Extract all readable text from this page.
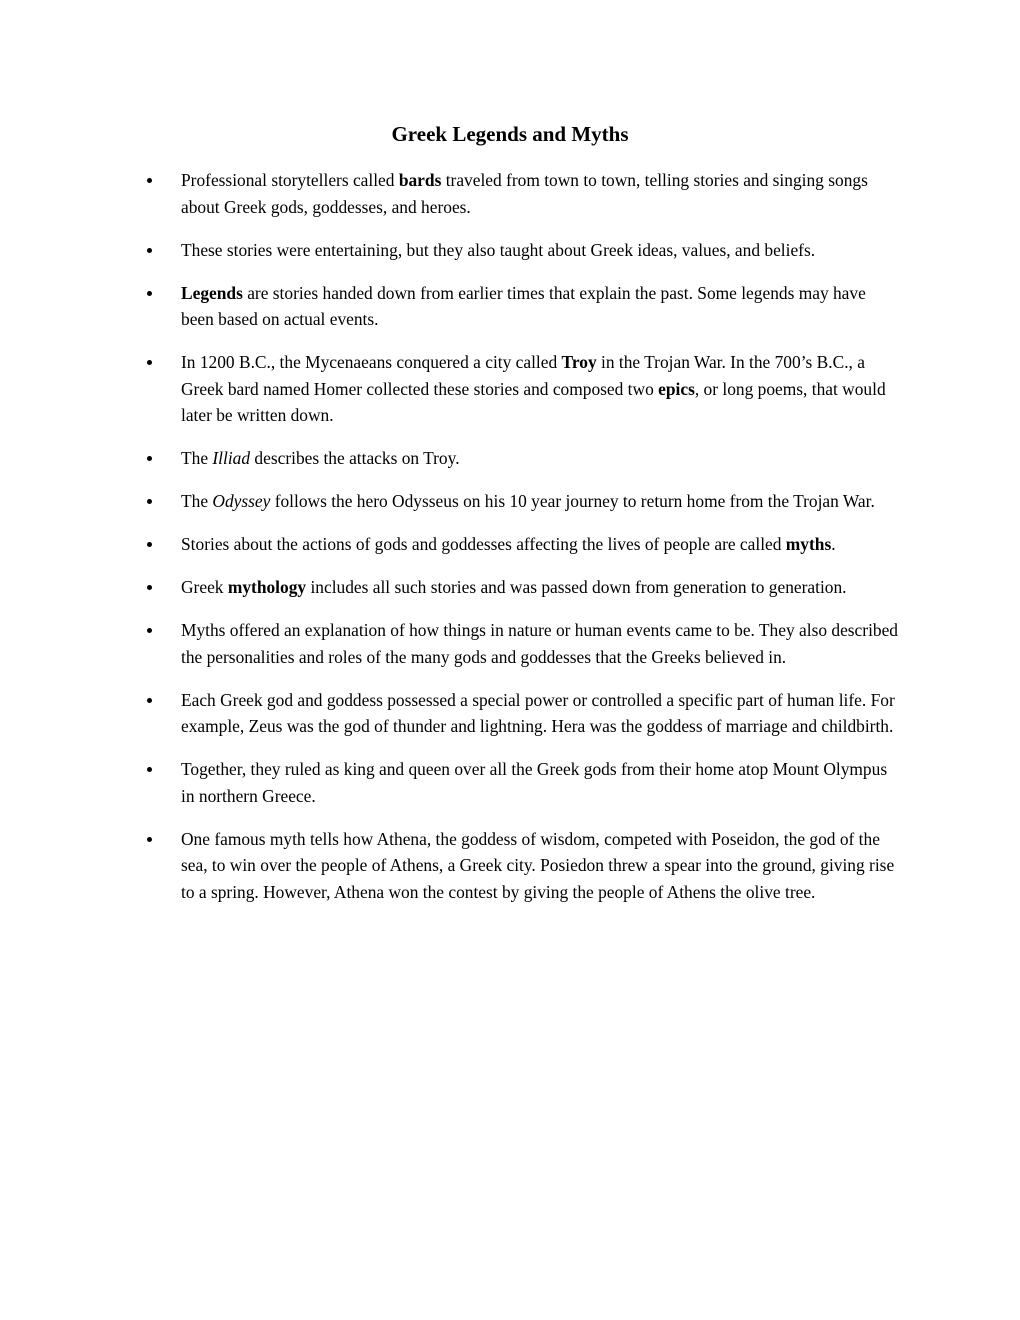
Greek Legends and Myths
Professional storytellers called bards traveled from town to town, telling stories and singing songs about Greek gods, goddesses, and heroes.
These stories were entertaining, but they also taught about Greek ideas, values, and beliefs.
Legends are stories handed down from earlier times that explain the past. Some legends may have been based on actual events.
In 1200 B.C., the Mycenaeans conquered a city called Troy in the Trojan War. In the 700’s B.C., a Greek bard named Homer collected these stories and composed two epics, or long poems, that would later be written down.
The Illiad describes the attacks on Troy.
The Odyssey follows the hero Odysseus on his 10 year journey to return home from the Trojan War.
Stories about the actions of gods and goddesses affecting the lives of people are called myths.
Greek mythology includes all such stories and was passed down from generation to generation.
Myths offered an explanation of how things in nature or human events came to be. They also described the personalities and roles of the many gods and goddesses that the Greeks believed in.
Each Greek god and goddess possessed a special power or controlled a specific part of human life. For example, Zeus was the god of thunder and lightning. Hera was the goddess of marriage and childbirth.
Together, they ruled as king and queen over all the Greek gods from their home atop Mount Olympus in northern Greece.
One famous myth tells how Athena, the goddess of wisdom, competed with Poseidon, the god of the sea, to win over the people of Athens, a Greek city. Posiedon threw a spear into the ground, giving rise to a spring. However, Athena won the contest by giving the people of Athens the olive tree.
